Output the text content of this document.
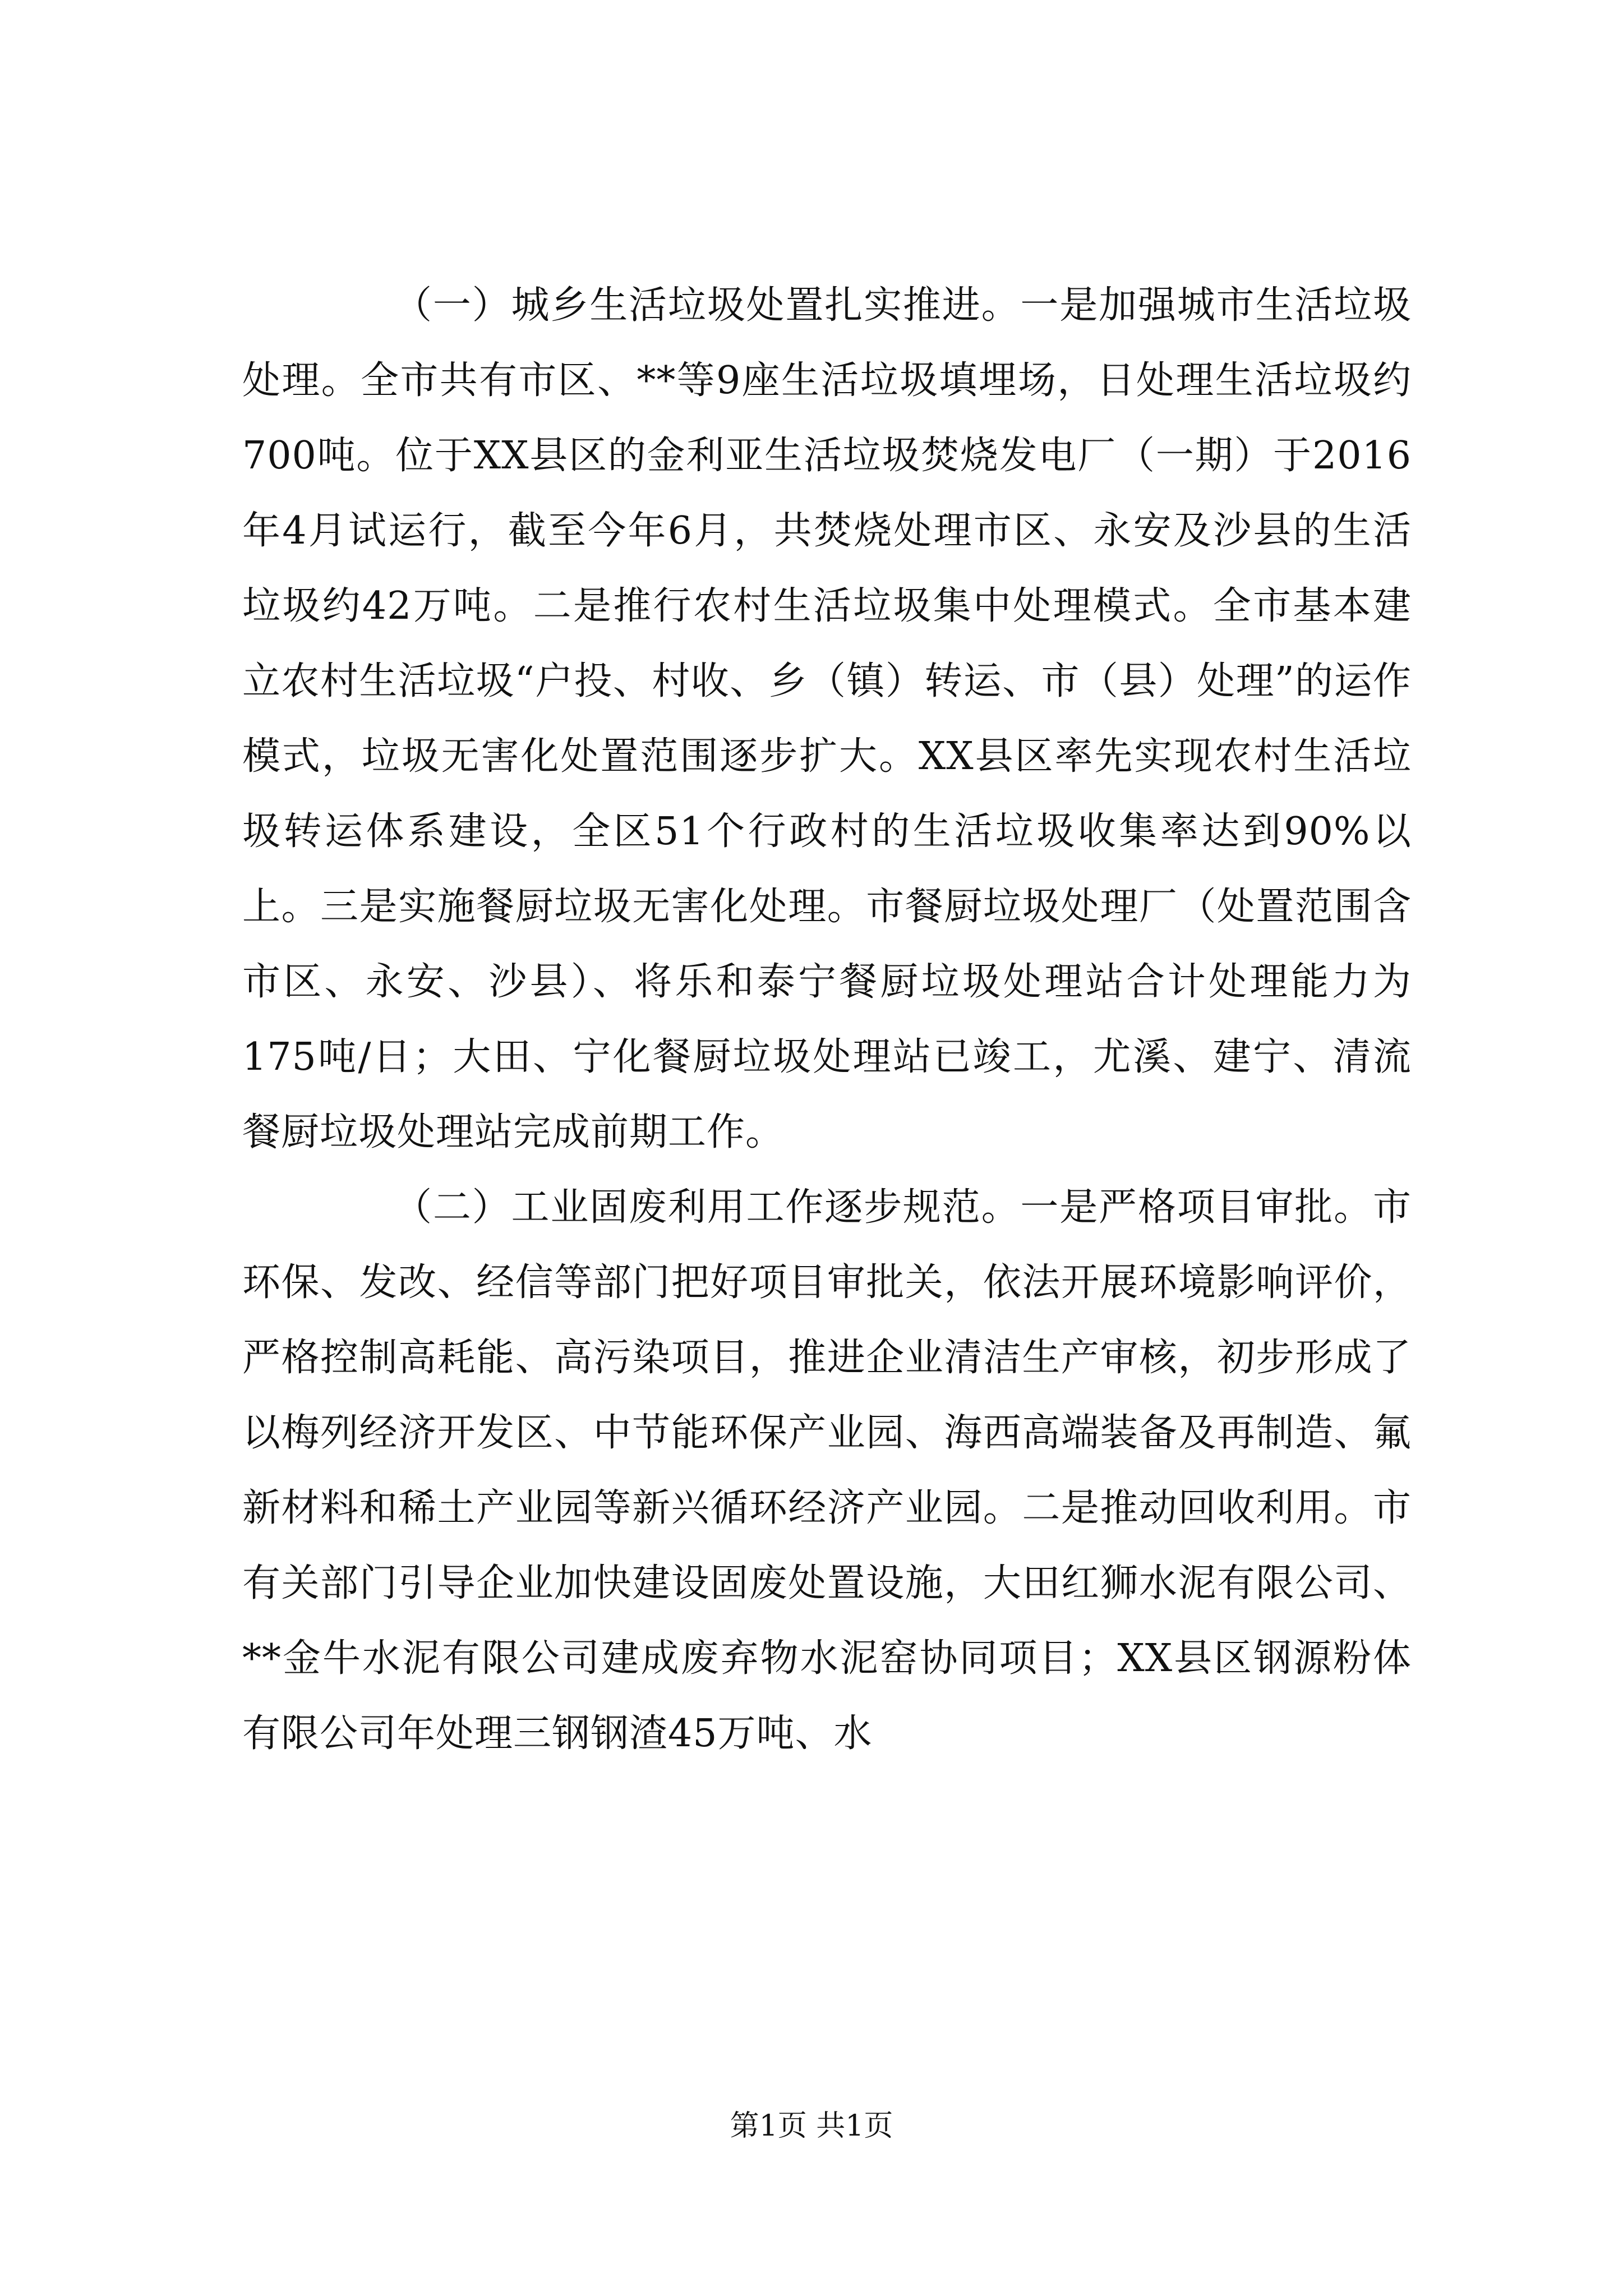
（一）城乡生活垃圾处置扎实推进。一是加强城市生活垃圾处理。全市共有市区、**等9座生活垃圾填埋场，日处理生活垃圾约700吨。位于XX县区的金利亚生活垃圾焚烧发电厂（一期）于2016年4月试运行，截至今年6月，共焚烧处理市区、永安及沙县的生活垃圾约42万吨。二是推行农村生活垃圾集中处理模式。全市基本建立农村生活垃圾“户投、村收、乡（镇）转运、市（县）处理”的运作模式，垃圾无害化处置范围逐步扩大。XX县区率先实现农村生活垃圾转运体系建设，全区51个行政村的生活垃圾收集率达到90%以上。三是实施餐厨垃圾无害化处理。市餐厨垃圾处理厂（处置范围含市区、永安、沙县）、将乐和泰宁餐厨垃圾处理站合计处理能力为175吨/日；大田、宁化餐厨垃圾处理站已竣工，尤溪、建宁、清流餐厨垃圾处理站完成前期工作。

（二）工业固废利用工作逐步规范。一是严格项目审批。市环保、发改、经信等部门把好项目审批关，依法开展环境影响评价，严格控制高耗能、高污染项目，推进企业清洁生产审核，初步形成了以梅列经济开发区、中节能环保产业园、海西高端装备及再制造、氟新材料和稀土产业园等新兴循环经济产业园。二是推动回收利用。市有关部门引导企业加快建设固废处置设施，大田红狮水泥有限公司、**金牛水泥有限公司建成废弃物水泥窑协同项目；XX县区钢源粉体有限公司年处理三钢钢渣45万吨、水

第1页 共1页
